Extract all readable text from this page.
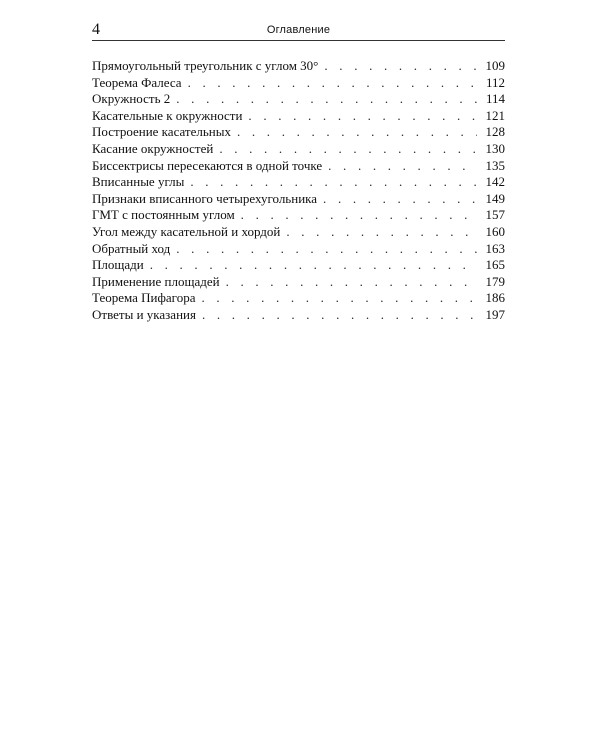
4	Оглавление
Прямоугольный треугольник с углом 30° . . .	109
Теорема Фалеса . . .	112
Окружность 2 . . .	114
Касательные к окружности . . .	121
Построение касательных . . .	128
Касание окружностей . . .	130
Биссектрисы пересекаются в одной точке . . .	135
Вписанные углы . . .	142
Признаки вписанного четырехугольника . . .	149
ГМТ с постоянным углом . . .	157
Угол между касательной и хордой . . .	160
Обратный ход . . .	163
Площади . . .	165
Применение площадей . . .	179
Теорема Пифагора . . .	186
Ответы и указания . . .	197
